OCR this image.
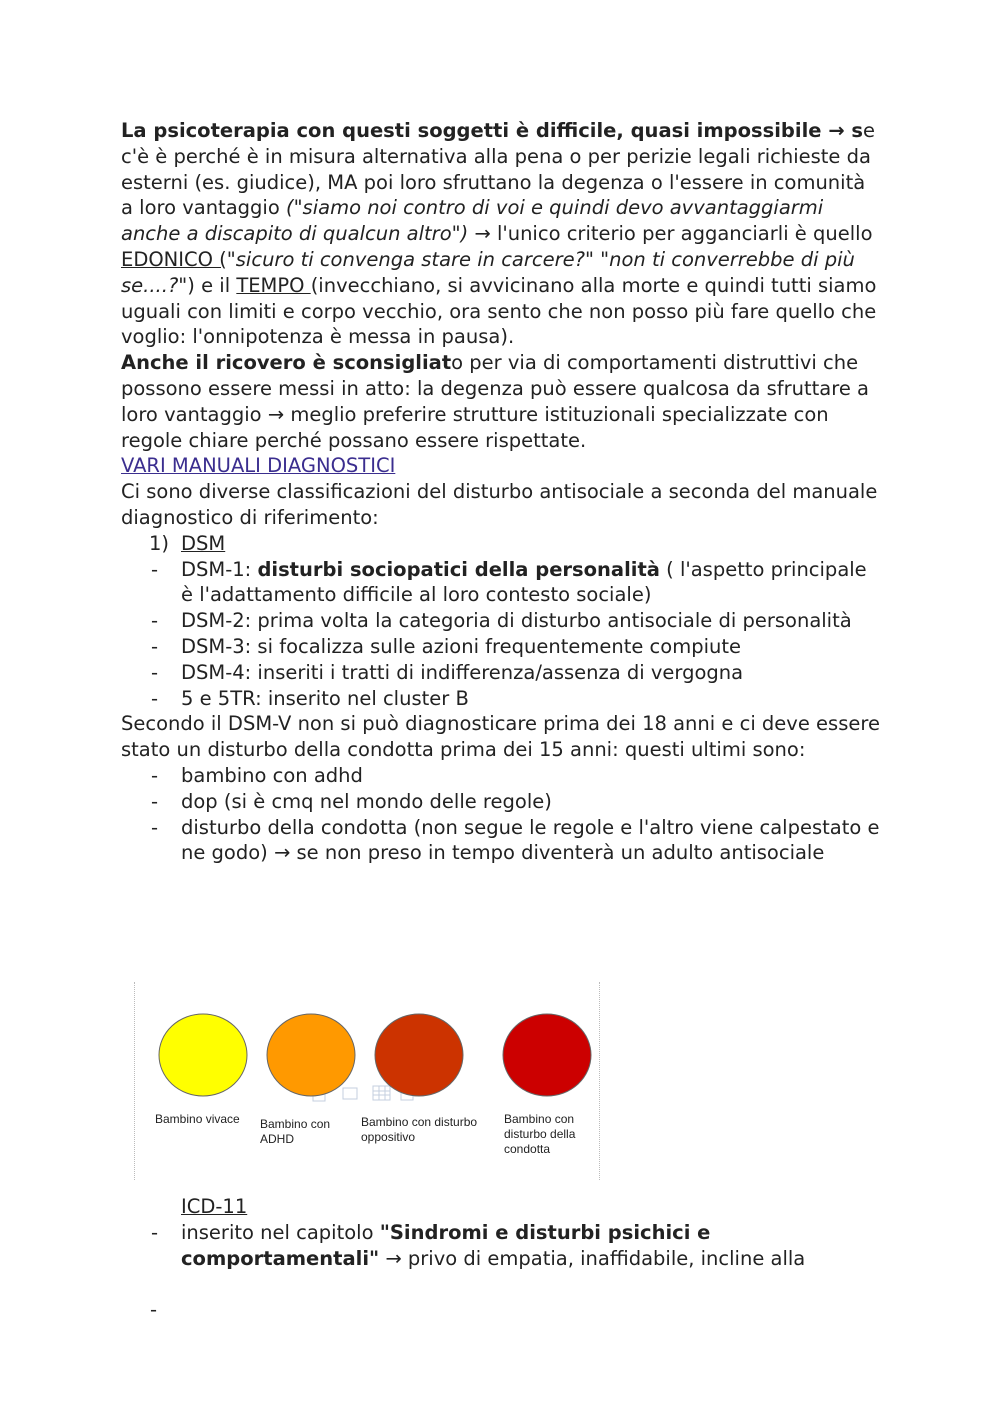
La psicoterapia con questi soggetti è difficile, quasi impossibile → se c'è è perché è in misura alternativa alla pena o per perizie legali richieste da esterni (es. giudice), MA poi loro sfruttano la degenza o l'essere in comunità a loro vantaggio ("siamo noi contro di voi e quindi devo avvantaggiarmi anche a discapito di qualcun altro") → l'unico criterio per agganciarli è quello EDONICO ("sicuro ti convenga stare in carcere?" "non ti converrebbe di più se....?") e il TEMPO (invecchiano, si avvicinano alla morte e quindi tutti siamo uguali con limiti e corpo vecchio, ora sento che non posso più fare quello che voglio: l'onnipotenza è messa in pausa).

Anche il ricovero è sconsigliato per via di comportamenti distruttivi che possono essere messi in atto: la degenza può essere qualcosa da sfruttare a loro vantaggio → meglio preferire strutture istituzionali specializzate con regole chiare perché possano essere rispettate.

VARI MANUALI DIAGNOSTICI

Ci sono diverse classificazioni del disturbo antisociale a seconda del manuale diagnostico di riferimento:

1) DSM
- DSM-1: disturbi sociopatici della personalità ( l'aspetto principale è l'adattamento difficile al loro contesto sociale)
- DSM-2: prima volta la categoria di disturbo antisociale di personalità
- DSM-3: si focalizza sulle azioni frequentemente compiute
- DSM-4: inseriti i tratti di indifferenza/assenza di vergogna
- 5 e 5TR: inserito nel cluster B

Secondo il DSM-V non si può diagnosticare prima dei 18 anni e ci deve essere stato un disturbo della condotta prima dei 15 anni: questi ultimi sono:

- bambino con adhd
- dop (si è cmq nel mondo delle regole)
- disturbo della condotta (non segue le regole e l'altro viene calpestato e ne godo) → se non preso in tempo diventerà un adulto antisociale
Bambino vivace Bambino con
ADHD
Bambino con disturbo
oppositivo
Bambino con
disturbo della
condotta
ICD-11
- inserito nel capitolo "Sindromi e disturbi psichici e comportamentali" → privo di empatia, inaffidabile, incline alla
-
